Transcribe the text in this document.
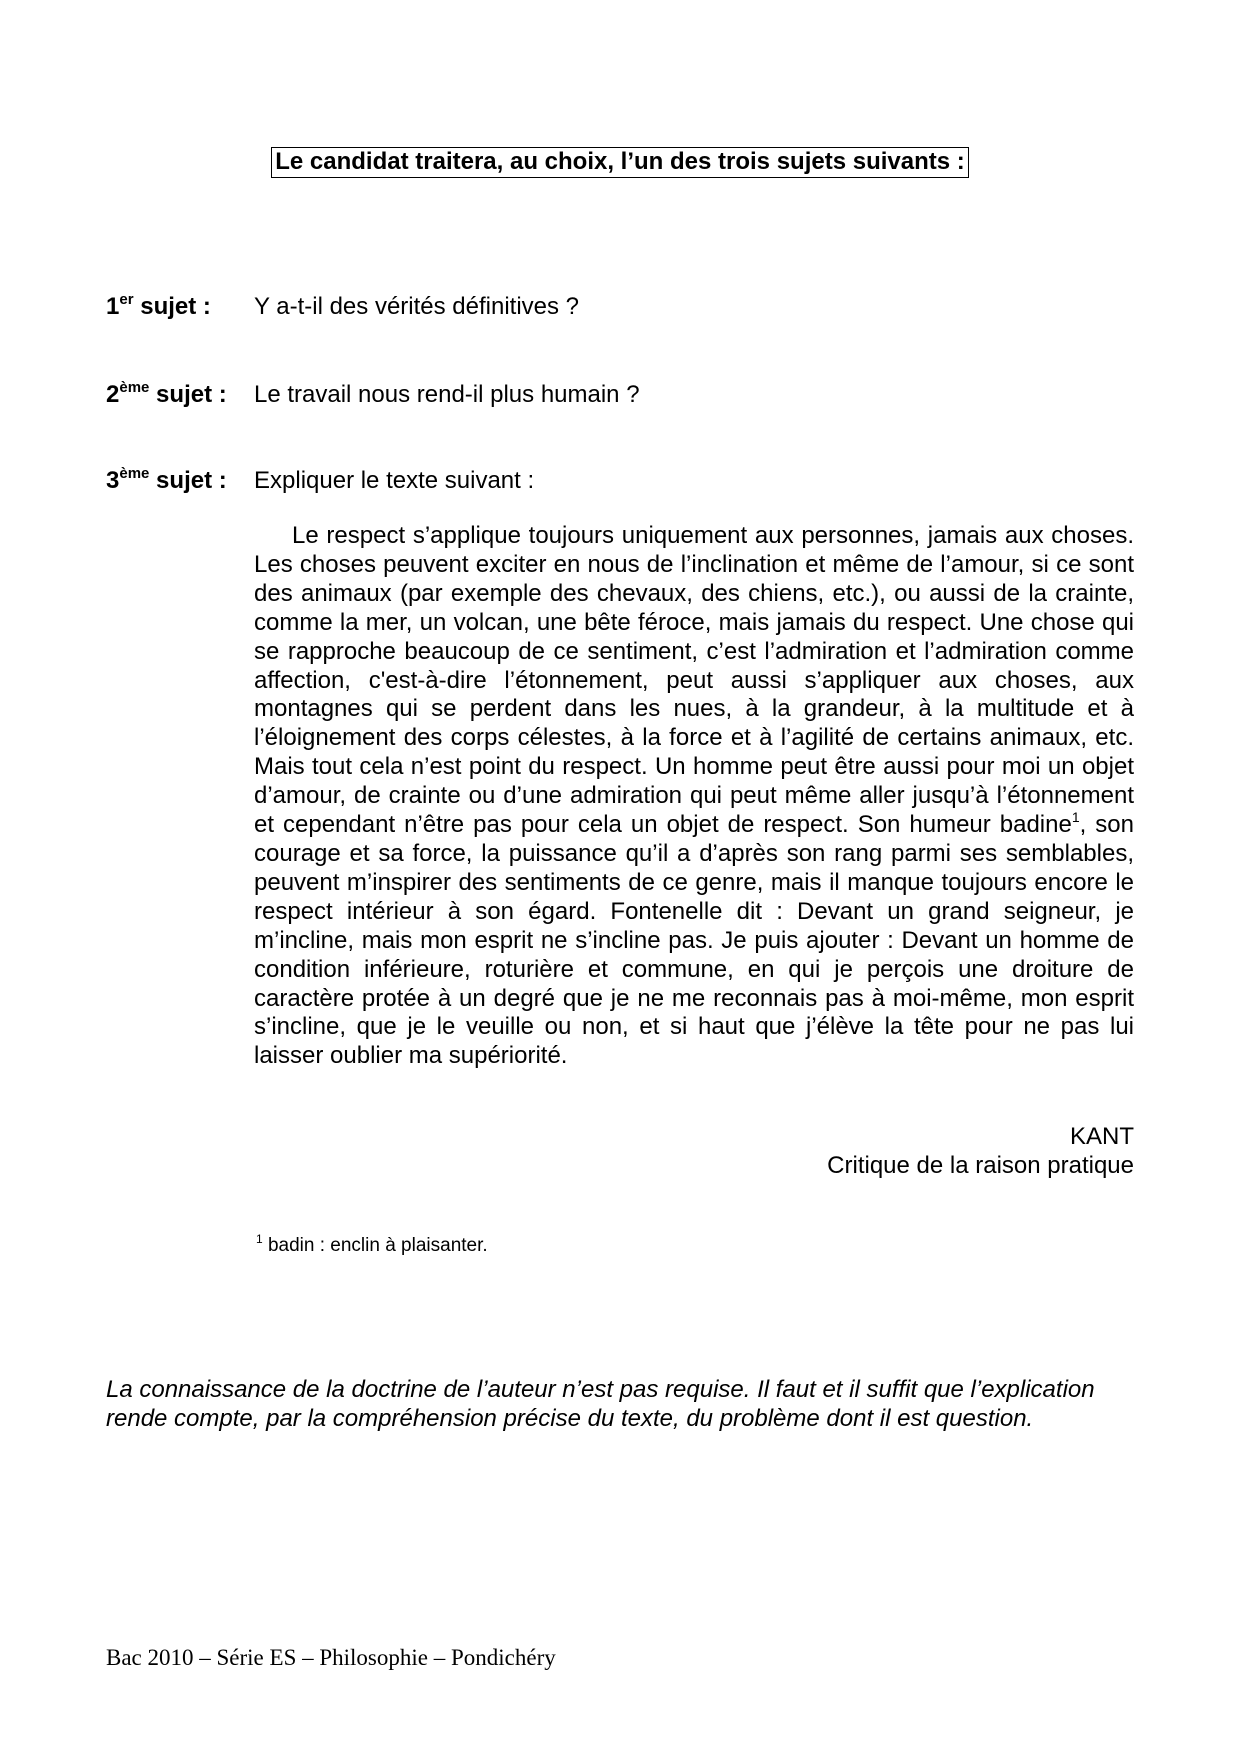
Le candidat traitera, au choix, l’un des trois sujets suivants :
1er sujet : Y a-t-il des vérités définitives ?
2ème sujet : Le travail nous rend-il plus humain ?
3ème sujet : Expliquer le texte suivant :
Le respect s’applique toujours uniquement aux personnes, jamais aux choses. Les choses peuvent exciter en nous de l’inclination et même de l’amour, si ce sont des animaux (par exemple des chevaux, des chiens, etc.), ou aussi de la crainte, comme la mer, un volcan, une bête féroce, mais jamais du respect. Une chose qui se rapproche beaucoup de ce sentiment, c’est l’admiration et l’admiration comme affection, c'est-à-dire l’étonnement, peut aussi s’appliquer aux choses, aux montagnes qui se perdent dans les nues, à la grandeur, à la multitude et à l’éloignement des corps célestes, à la force et à l’agilité de certains animaux, etc. Mais tout cela n’est point du respect. Un homme peut être aussi pour moi un objet d’amour, de crainte ou d’une admiration qui peut même aller jusqu’à l’étonnement et cependant n’être pas pour cela un objet de respect. Son humeur badine$^1$, son courage et sa force, la puissance qu’il a d’après son rang parmi ses semblables, peuvent m’inspirer des sentiments de ce genre, mais il manque toujours encore le respect intérieur à son égard. Fontenelle dit : Devant un grand seigneur, je m’incline, mais mon esprit ne s’incline pas. Je puis ajouter : Devant un homme de condition inférieure, roturière et commune, en qui je perçois une droiture de caractère protée à un degré que je ne me reconnais pas à moi-même, mon esprit s’incline, que je le veuille ou non, et si haut que j’élève la tête pour ne pas lui laisser oublier ma supériorité.
KANT
Critique de la raison pratique
$^1$ badin : enclin à plaisanter.
La connaissance de la doctrine de l’auteur n’est pas requise. Il faut et il suffit que l’explication rende compte, par la compréhension précise du texte, du problème dont il est question.
Bac 2010 – Série ES – Philosophie – Pondichéry
